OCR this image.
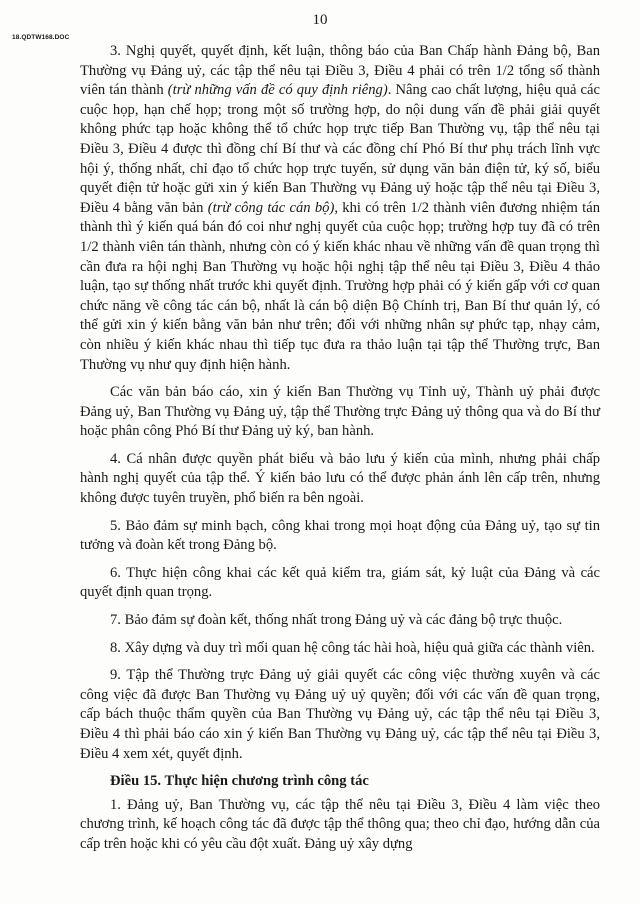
10
18.QDTW168.DOC

3. Nghị quyết, quyết định, kết luận, thông báo của Ban Chấp hành Đảng bộ, Ban Thường vụ Đảng uỷ, các tập thể nêu tại Điều 3, Điều 4 phải có trên 1/2 tổng số thành viên tán thành (trừ những vấn đề có quy định riêng). Nâng cao chất lượng, hiệu quả các cuộc họp, hạn chế họp; trong một số trường hợp, do nội dung vấn đề phải giải quyết không phức tạp hoặc không thể tổ chức họp trực tiếp Ban Thường vụ, tập thể nêu tại Điều 3, Điều 4 được thì đồng chí Bí thư và các đồng chí Phó Bí thư phụ trách lĩnh vực hội ý, thống nhất, chỉ đạo tổ chức họp trực tuyến, sử dụng văn bản điện tử, ký số, biểu quyết điện tử hoặc gửi xin ý kiến Ban Thường vụ Đảng uỷ hoặc tập thể nêu tại Điều 3, Điều 4 bằng văn bản (trừ công tác cán bộ), khi có trên 1/2 thành viên đương nhiệm tán thành thì ý kiến quá bán đó coi như nghị quyết của cuộc họp; trường hợp tuy đã có trên 1/2 thành viên tán thành, nhưng còn có ý kiến khác nhau về những vấn đề quan trọng thì cần đưa ra hội nghị Ban Thường vụ hoặc hội nghị tập thể nêu tại Điều 3, Điều 4 thảo luận, tạo sự thống nhất trước khi quyết định. Trường hợp phải có ý kiến gấp với cơ quan chức năng về công tác cán bộ, nhất là cán bộ diện Bộ Chính trị, Ban Bí thư quản lý, có thể gửi xin ý kiến bằng văn bản như trên; đối với những nhân sự phức tạp, nhạy cảm, còn nhiều ý kiến khác nhau thì tiếp tục đưa ra thảo luận tại tập thể Thường trực, Ban Thường vụ như quy định hiện hành.

Các văn bản báo cáo, xin ý kiến Ban Thường vụ Tỉnh uỷ, Thành uỷ phải được Đảng uỷ, Ban Thường vụ Đảng uỷ, tập thể Thường trực Đảng uỷ thông qua và do Bí thư hoặc phân công Phó Bí thư Đảng uỷ ký, ban hành.

4. Cá nhân được quyền phát biểu và bảo lưu ý kiến của mình, nhưng phải chấp hành nghị quyết của tập thể. Ý kiến bảo lưu có thể được phản ánh lên cấp trên, nhưng không được tuyên truyền, phổ biến ra bên ngoài.

5. Bảo đảm sự minh bạch, công khai trong mọi hoạt động của Đảng uỷ, tạo sự tin tưởng và đoàn kết trong Đảng bộ.

6. Thực hiện công khai các kết quả kiểm tra, giám sát, kỷ luật của Đảng và các quyết định quan trọng.

7. Bảo đảm sự đoàn kết, thống nhất trong Đảng uỷ và các đảng bộ trực thuộc.

8. Xây dựng và duy trì mối quan hệ công tác hài hoà, hiệu quả giữa các thành viên.

9. Tập thể Thường trực Đảng uỷ giải quyết các công việc thường xuyên và các công việc đã được Ban Thường vụ Đảng uỷ uỷ quyền; đối với các vấn đề quan trọng, cấp bách thuộc thẩm quyền của Ban Thường vụ Đảng uỷ, các tập thể nêu tại Điều 3, Điều 4 thì phải báo cáo xin ý kiến Ban Thường vụ Đảng uỷ, các tập thể nêu tại Điều 3, Điều 4 xem xét, quyết định.

Điều 15. Thực hiện chương trình công tác

1. Đảng uỷ, Ban Thường vụ, các tập thể nêu tại Điều 3, Điều 4 làm việc theo chương trình, kế hoạch công tác đã được tập thể thông qua; theo chỉ đạo, hướng dẫn của cấp trên hoặc khi có yêu cầu đột xuất. Đảng uỷ xây dựng
